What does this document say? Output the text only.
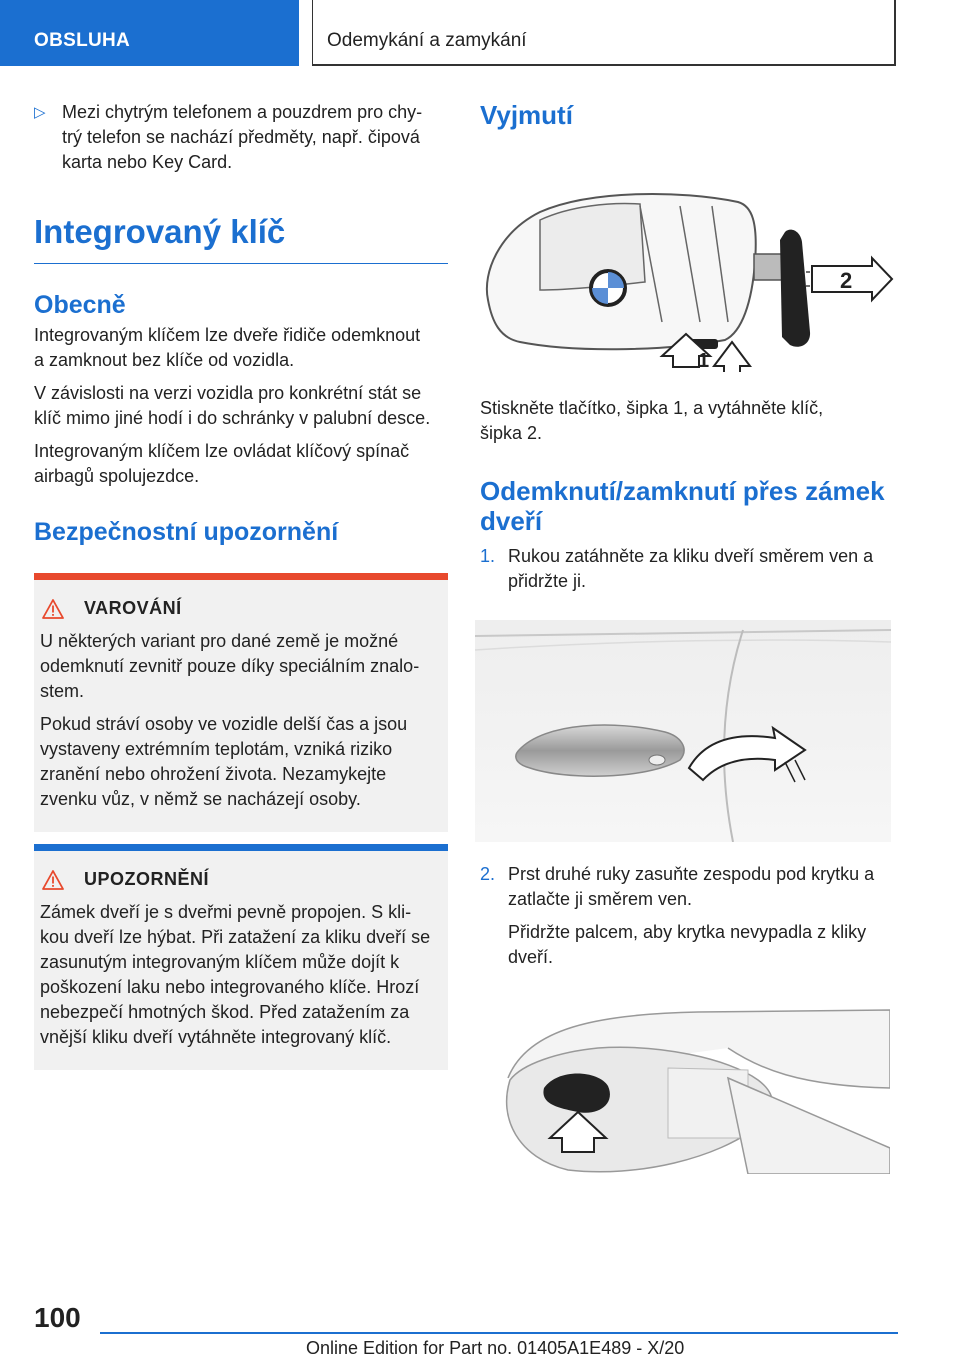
OBSLUHA	Odemykání a zamykání
▷ Mezi chytrým telefonem a pouzdrem pro chy-
trý telefon se nachází předměty, např. čipová
karta nebo Key Card.
Integrovaný klíč
Obecně
Integrovaným klíčem lze dveře řidiče odemknout
a zamknout bez klíče od vozidla.
V závislosti na verzi vozidla pro konkrétní stát se
klíč mimo jiné hodí i do schránky v palubní desce.
Integrovaným klíčem lze ovládat klíčový spínač
airbagů spolujezdce.
Bezpečnostní upozornění
VAROVÁNÍ
U některých variant pro dané země je možné
odemknutí zevnitř pouze díky speciálním znalo-
stem.
Pokud stráví osoby ve vozidle delší čas a jsou
vystaveny extrémním teplotám, vzniká riziko
zranění nebo ohrožení života. Nezamykejte
zvenku vůz, v němž se nacházejí osoby.
UPOZORNĚNÍ
Zámek dveří je s dveřmi pevně propojen. S kli-
kou dveří lze hýbat. Při zatažení za kliku dveří se
zasunutým integrovaným klíčem může dojít k
poškození laku nebo integrovaného klíče. Hrozí
nebezpečí hmotných škod. Před zatažením za
vnější kliku dveří vytáhněte integrovaný klíč.
Vyjmutí
2
1
Stiskněte tlačítko, šipka 1, a vytáhněte klíč,
šipka 2.
Odemknutí/zamknutí přes zámek
dveří
1. Rukou zatáhněte za kliku dveří směrem ven a
přidržte ji.
2. Prst druhé ruky zasuňte zespodu pod krytku a
zatlačte ji směrem ven.
Přidržte palcem, aby krytka nevypadla z kliky
dveří.
100
Online Edition for Part no. 01405A1E489 - X/20
